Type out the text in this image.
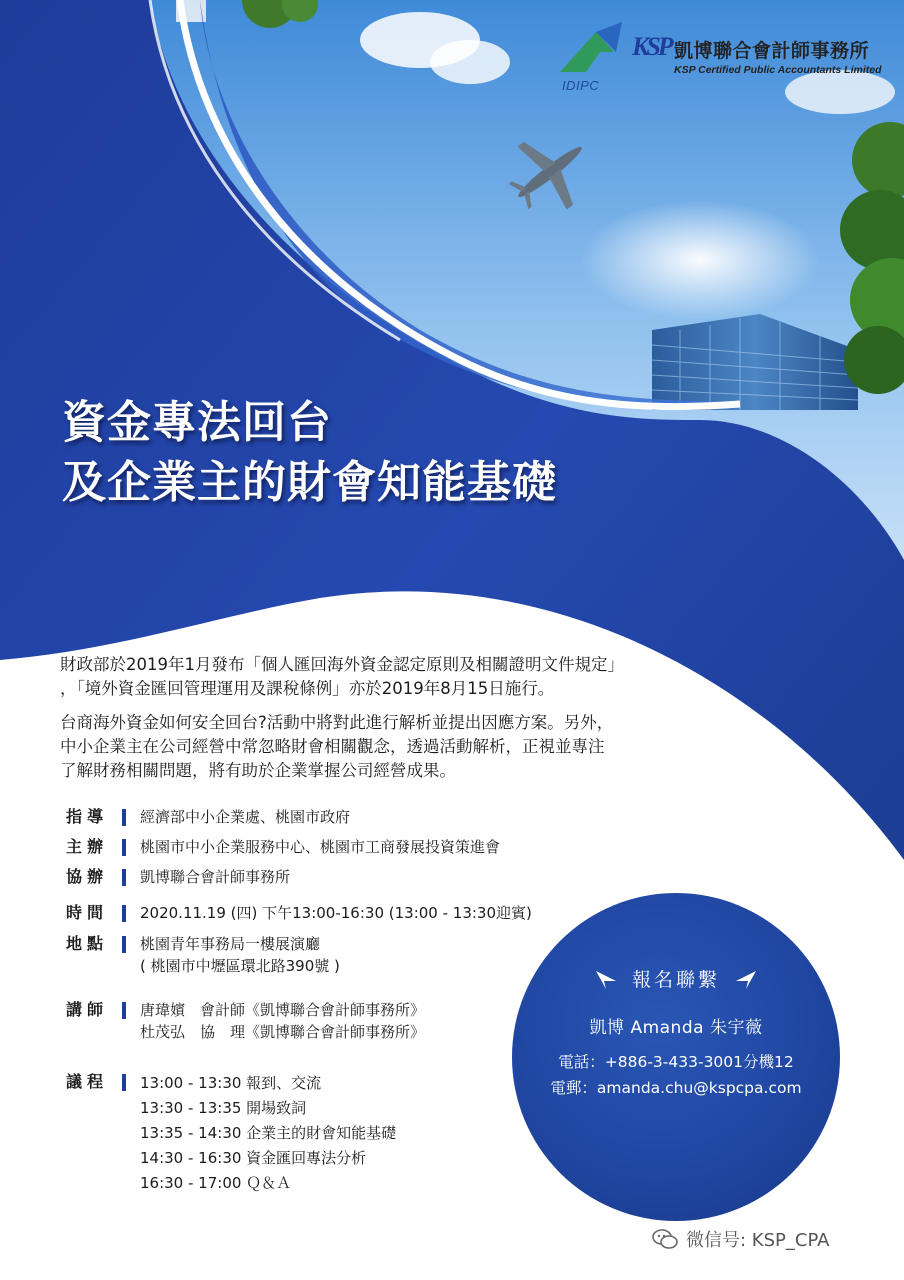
IDIPC
KSP 凱博聯合會計師事務所
KSP Certified Public Accountants Limited
資金專法回台
及企業主的財會知能基礎

財政部於2019年1月發布「個人匯回海外資金認定原則及相關證明文件規定」
，「境外資金匯回管理運用及課稅條例」亦於2019年8月15日施行。

台商海外資金如何安全回台?活動中將對此進行解析並提出因應方案。另外，
中小企業主在公司經營中常忽略財會相關觀念，透過活動解析，正視並專注
了解財務相關問題，將有助於企業掌握公司經營成果。

指導	經濟部中小企業處、桃園市政府
主辦	桃園市中小企業服務中心、桃園市工商發展投資策進會
協辦	凱博聯合會計師事務所
時間	2020.11.19 (四) 下午13:00-16:30 (13:00 - 13:30迎賓)
地點	桃園青年事務局一樓展演廳
( 桃園市中壢區環北路390號 )
講師	唐瑋嬪　會計師《凱博聯合會計師事務所》
杜茂弘　協　理《凱博聯合會計師事務所》
議程	13:00 - 13:30 報到、交流
13:30 - 13:35 開場致詞
13:35 - 14:30 企業主的財會知能基礎
14:30 - 16:30 資金匯回專法分析
16:30 - 17:00 Ｑ＆Ａ
報名聯繫
凱博 Amanda 朱宇薇
電話：+886-3-433-3001分機12
電郵：amanda.chu@kspcpa.com
微信号: KSP_CPA
